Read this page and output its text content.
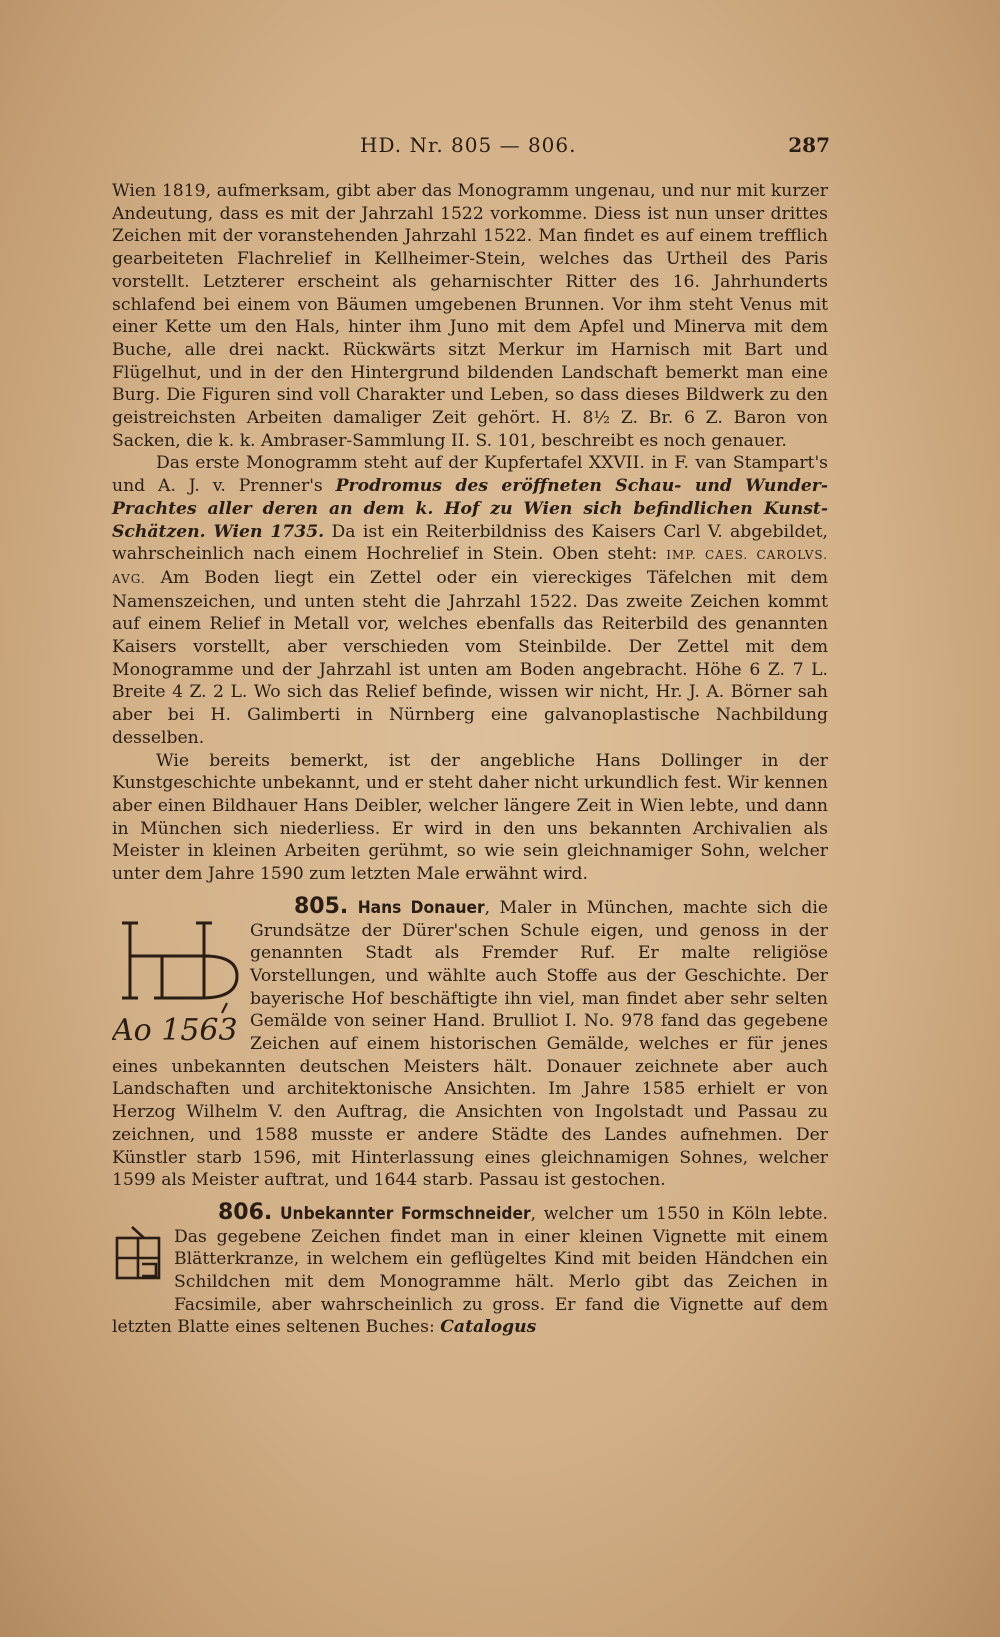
HD. Nr. 805 — 806.	287

Wien 1819, aufmerksam, gibt aber das Monogramm ungenau, und nur mit kurzer Andeutung, dass es mit der Jahrzahl 1522 vorkomme. Diess ist nun unser drittes Zeichen mit der voranstehenden Jahrzahl 1522. Man findet es auf einem trefflich gearbeiteten Flachrelief in Kellheimer-Stein, welches das Urtheil des Paris vorstellt. Letzterer erscheint als geharnischter Ritter des 16. Jahrhunderts schlafend bei einem von Bäumen umgebenen Brunnen. Vor ihm steht Venus mit einer Kette um den Hals, hinter ihm Juno mit dem Apfel und Minerva mit dem Buche, alle drei nackt. Rückwärts sitzt Merkur im Harnisch mit Bart und Flügelhut, und in der den Hintergrund bildenden Landschaft bemerkt man eine Burg. Die Figuren sind voll Charakter und Leben, so dass dieses Bildwerk zu den geistreichsten Arbeiten damaliger Zeit gehört. H. 8½ Z. Br. 6 Z. Baron von Sacken, die k. k. Ambraser-Sammlung II. S. 101, beschreibt es noch genauer.

Das erste Monogramm steht auf der Kupfertafel XXVII. in F. van Stampart's und A. J. v. Prenner's Prodromus des eröffneten Schau- und Wunder-Prachtes aller deren an dem k. Hof zu Wien sich befindlichen Kunst-Schätzen. Wien 1735. Da ist ein Reiterbildniss des Kaisers Carl V. abgebildet, wahrscheinlich nach einem Hochrelief in Stein. Oben steht: IMP. CAES. CAROLVS. AVG. Am Boden liegt ein Zettel oder ein viereckiges Täfelchen mit dem Namenszeichen, und unten steht die Jahrzahl 1522. Das zweite Zeichen kommt auf einem Relief in Metall vor, welches ebenfalls das Reiterbild des genannten Kaisers vorstellt, aber verschieden vom Steinbilde. Der Zettel mit dem Monogramme und der Jahrzahl ist unten am Boden angebracht. Höhe 6 Z. 7 L. Breite 4 Z. 2 L. Wo sich das Relief befinde, wissen wir nicht, Hr. J. A. Börner sah aber bei H. Galimberti in Nürnberg eine galvanoplastische Nachbildung desselben.

Wie bereits bemerkt, ist der angebliche Hans Dollinger in der Kunstgeschichte unbekannt, und er steht daher nicht urkundlich fest. Wir kennen aber einen Bildhauer Hans Deibler, welcher längere Zeit in Wien lebte, und dann in München sich niederliess. Er wird in den uns bekannten Archivalien als Meister in kleinen Arbeiten gerühmt, so wie sein gleichnamiger Sohn, welcher unter dem Jahre 1590 zum letzten Male erwähnt wird.

805. Hans Donauer, Maler in München, machte sich die Grundsätze der Dürer'schen Schule eigen, und genoss in der genannten Stadt als Fremder Ruf. Er malte religiöse Vorstellungen, und wählte auch Stoffe aus der Geschichte. Der bayerische Hof beschäftigte ihn viel, man findet aber sehr selten Gemälde von seiner Hand. Brulliot I. No. 978 fand das gegebene Zeichen auf einem historischen Gemälde, welches er für jenes eines unbekannten deutschen Meisters hält. Donauer zeichnete aber auch Landschaften und architektonische Ansichten. Im Jahre 1585 erhielt er von Herzog Wilhelm V. den Auftrag, die Ansichten von Ingolstadt und Passau zu zeichnen, und 1588 musste er andere Städte des Landes aufnehmen. Der Künstler starb 1596, mit Hinterlassung eines gleichnamigen Sohnes, welcher 1599 als Meister auftrat, und 1644 starb. Passau ist gestochen.

806. Unbekannter Formschneider, welcher um 1550 in Köln lebte. Das gegebene Zeichen findet man in einer kleinen Vignette mit einem Blätterkranze, in welchem ein geflügeltes Kind mit beiden Händchen ein Schildchen mit dem Monogramme hält. Merlo gibt das Zeichen in Facsimile, aber wahrscheinlich zu gross. Er fand die Vignette auf dem letzten Blatte eines seltenen Buches: Catalogus

Ao 1563
